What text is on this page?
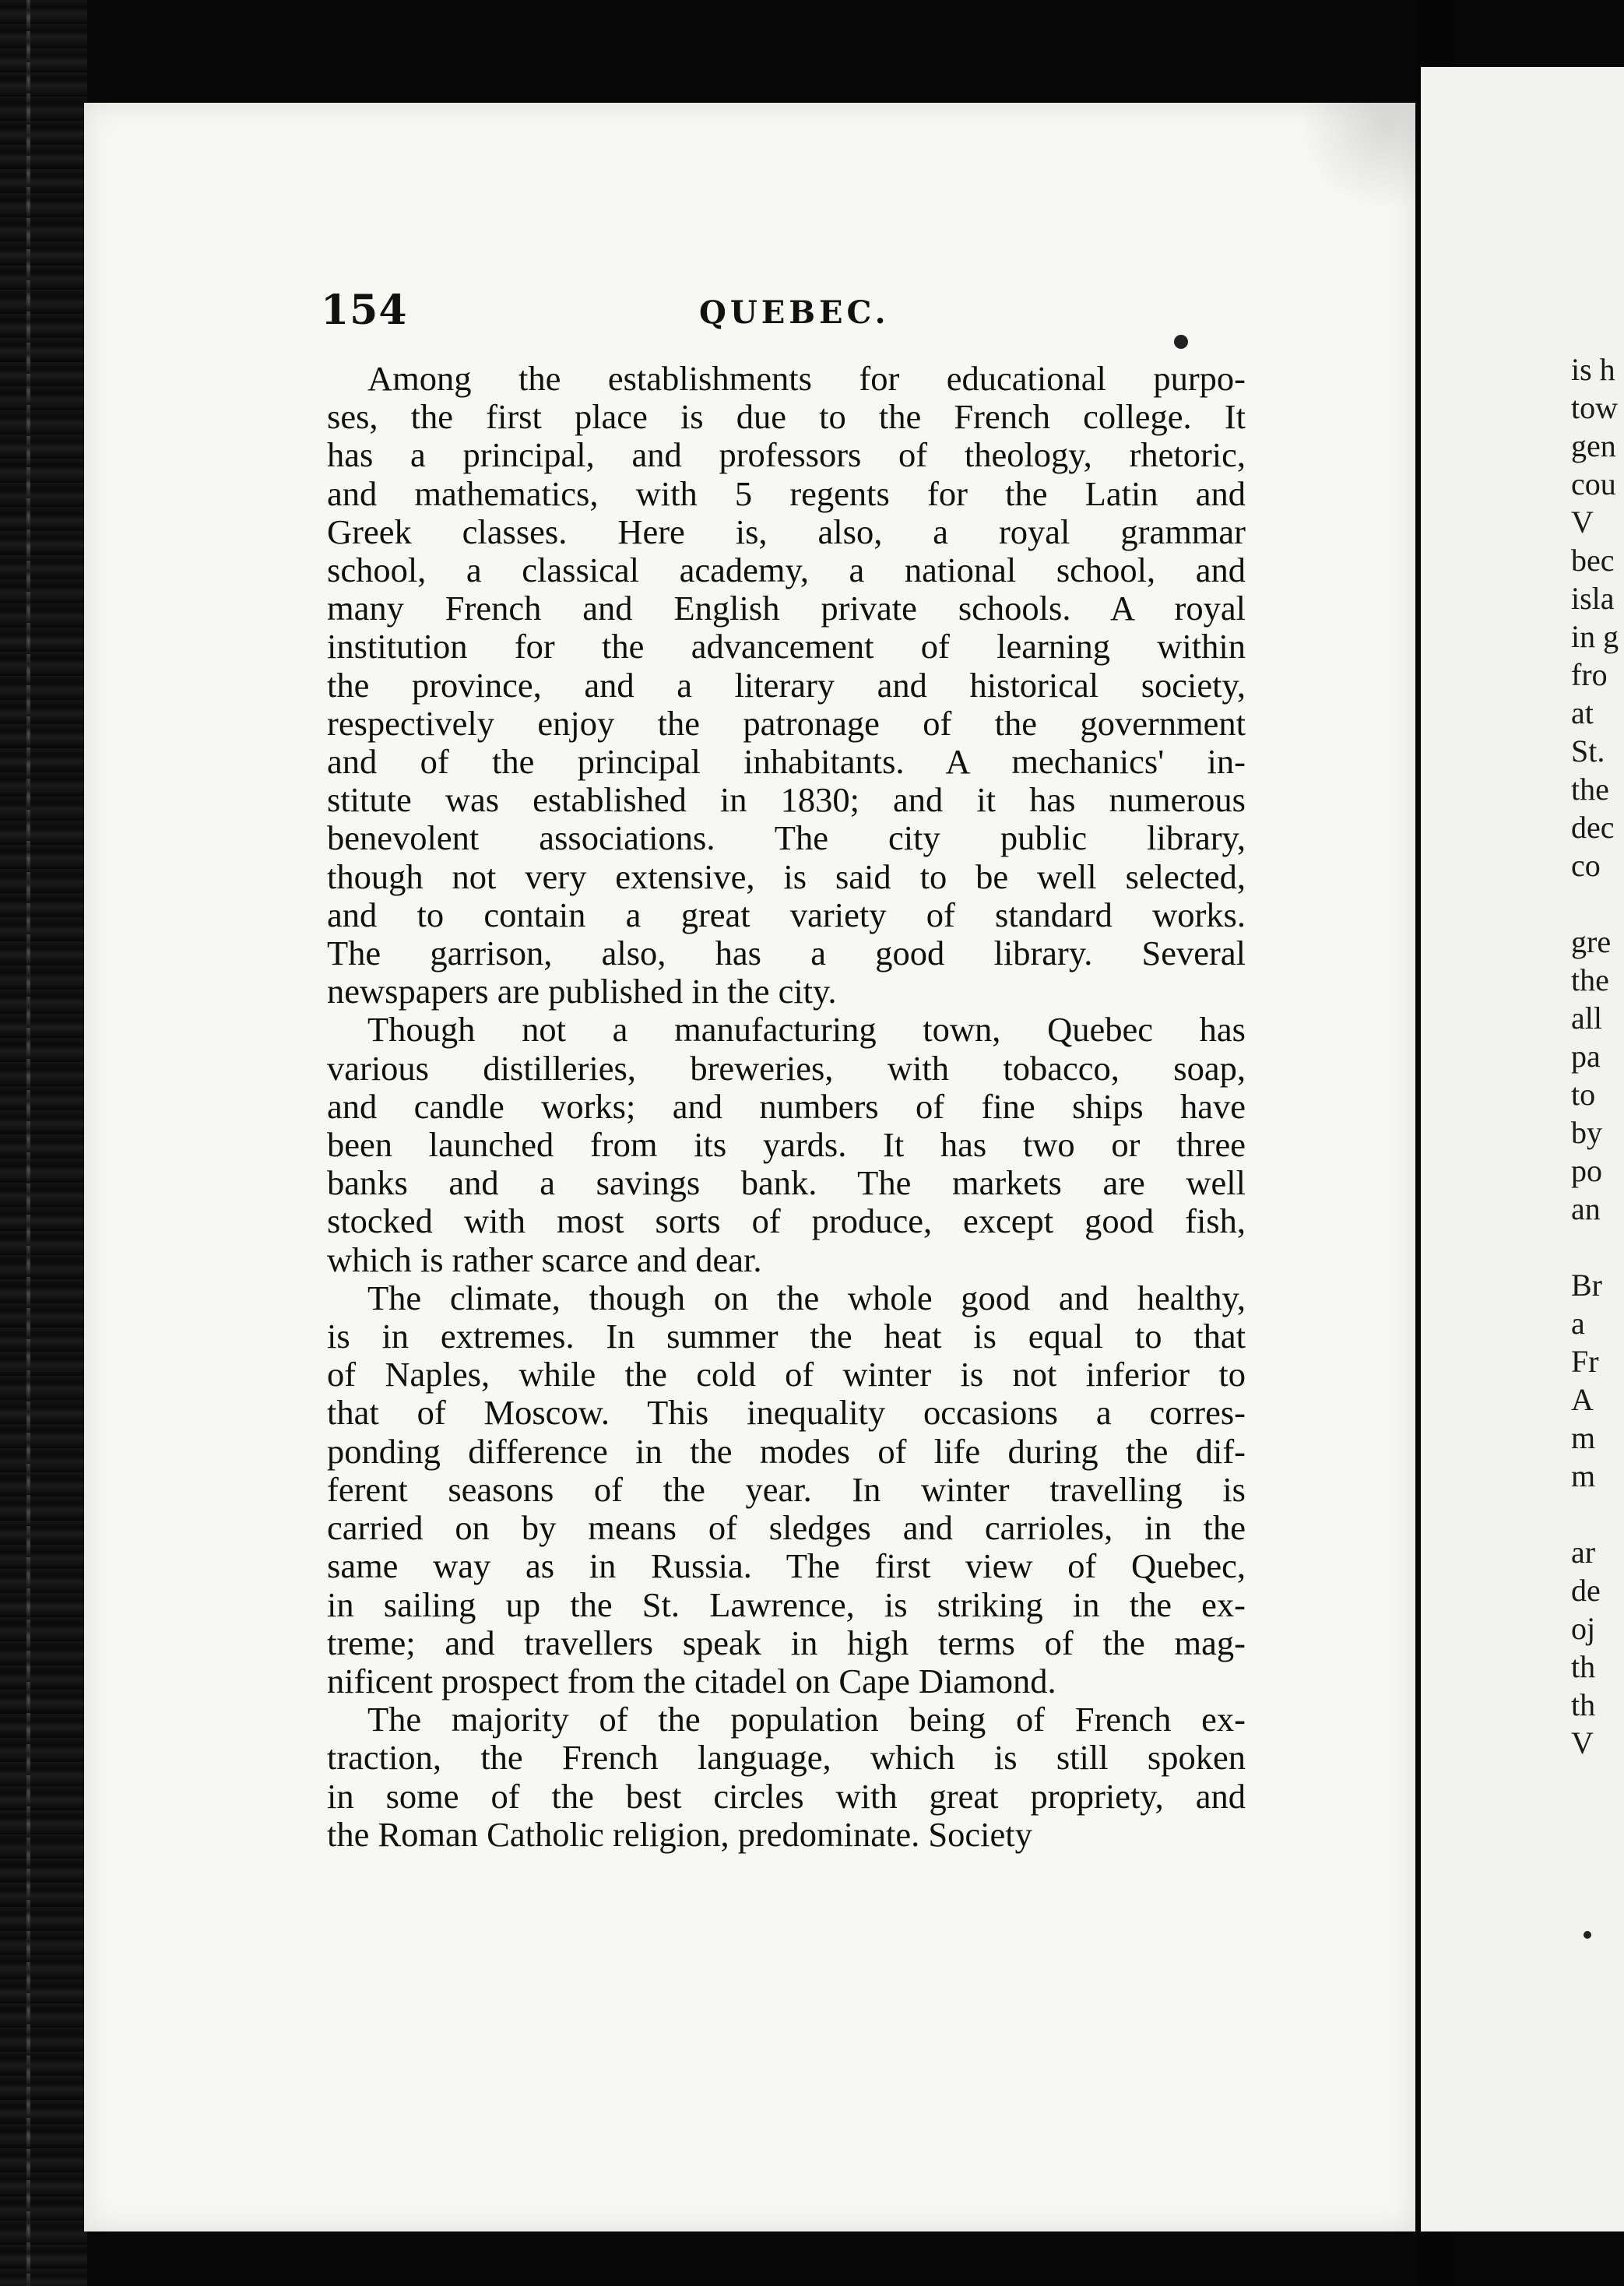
154	QUEBEC.
Among the establishments for educational purpo-
ses, the first place is due to the French college. It
has a principal, and professors of theology, rhetoric,
and mathematics, with 5 regents for the Latin and
Greek classes. Here is, also, a royal grammar
school, a classical academy, a national school, and
many French and English private schools. A royal
institution for the advancement of learning within
the province, and a literary and historical society,
respectively enjoy the patronage of the government
and of the principal inhabitants. A mechanics' in-
stitute was established in 1830; and it has numerous
benevolent associations. The city public library,
though not very extensive, is said to be well selected,
and to contain a great variety of standard works.
The garrison, also, has a good library. Several
newspapers are published in the city.
Though not a manufacturing town, Quebec has
various distilleries, breweries, with tobacco, soap,
and candle works; and numbers of fine ships have
been launched from its yards. It has two or three
banks and a savings bank. The markets are well
stocked with most sorts of produce, except good fish,
which is rather scarce and dear.
The climate, though on the whole good and healthy,
is in extremes. In summer the heat is equal to that
of Naples, while the cold of winter is not inferior to
that of Moscow. This inequality occasions a corres-
ponding difference in the modes of life during the dif-
ferent seasons of the year. In winter travelling is
carried on by means of sledges and carrioles, in the
same way as in Russia. The first view of Quebec,
in sailing up the St. Lawrence, is striking in the ex-
treme; and travellers speak in high terms of the mag-
nificent prospect from the citadel on Cape Diamond.
The majority of the population being of French ex-
traction, the French language, which is still spoken
in some of the best circles with great propriety, and
the Roman Catholic religion, predominate. Society
is h
tow
gen
cou
V
bec
isla
in g
fro
at
St.
the
dec
co

gre
the
all
pa
to
by
po
an

Br
a
Fr
A
m
m

ar
de
oj
th
th
V
